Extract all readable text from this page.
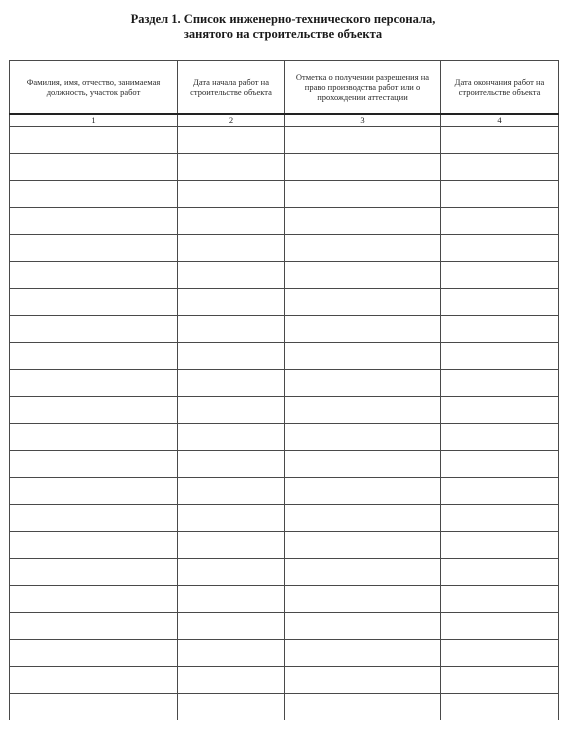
Раздел 1. Список инженерно-технического персонала,
занятого на строительстве объекта
Фамилия, имя, отчество, занимаемая должность, участок работ	Дата начала работ на строительстве объекта	Отметка о получении разрешения на право производства работ или о прохождении аттестации	Дата окончания работ на строительстве объекта
1	2	3	4
